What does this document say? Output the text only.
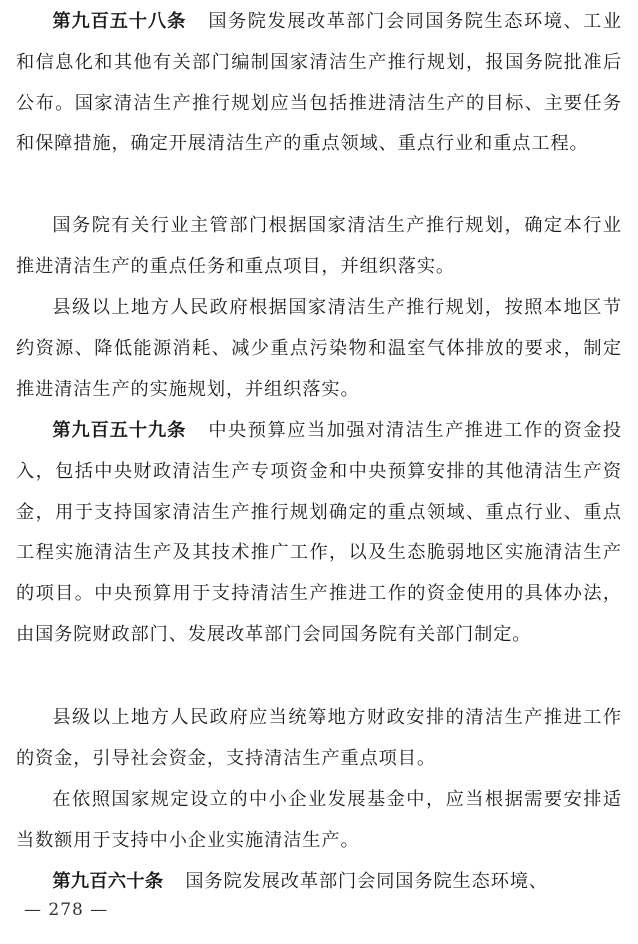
第九百五十八条 国务院发展改革部门会同国务院生态环境、工业和信息化和其他有关部门编制国家清洁生产推行规划，报国务院批准后公布。国家清洁生产推行规划应当包括推进清洁生产的目标、主要任务和保障措施，确定开展清洁生产的重点领域、重点行业和重点工程。

国务院有关行业主管部门根据国家清洁生产推行规划，确定本行业推进清洁生产的重点任务和重点项目，并组织落实。

县级以上地方人民政府根据国家清洁生产推行规划，按照本地区节约资源、降低能源消耗、减少重点污染物和温室气体排放的要求，制定推进清洁生产的实施规划，并组织落实。

第九百五十九条 中央预算应当加强对清洁生产推进工作的资金投入，包括中央财政清洁生产专项资金和中央预算安排的其他清洁生产资金，用于支持国家清洁生产推行规划确定的重点领域、重点行业、重点工程实施清洁生产及其技术推广工作，以及生态脆弱地区实施清洁生产的项目。中央预算用于支持清洁生产推进工作的资金使用的具体办法，由国务院财政部门、发展改革部门会同国务院有关部门制定。

县级以上地方人民政府应当统筹地方财政安排的清洁生产推进工作的资金，引导社会资金，支持清洁生产重点项目。

在依照国家规定设立的中小企业发展基金中，应当根据需要安排适当数额用于支持中小企业实施清洁生产。

第九百六十条 国务院发展改革部门会同国务院生态环境、

— 278 —
